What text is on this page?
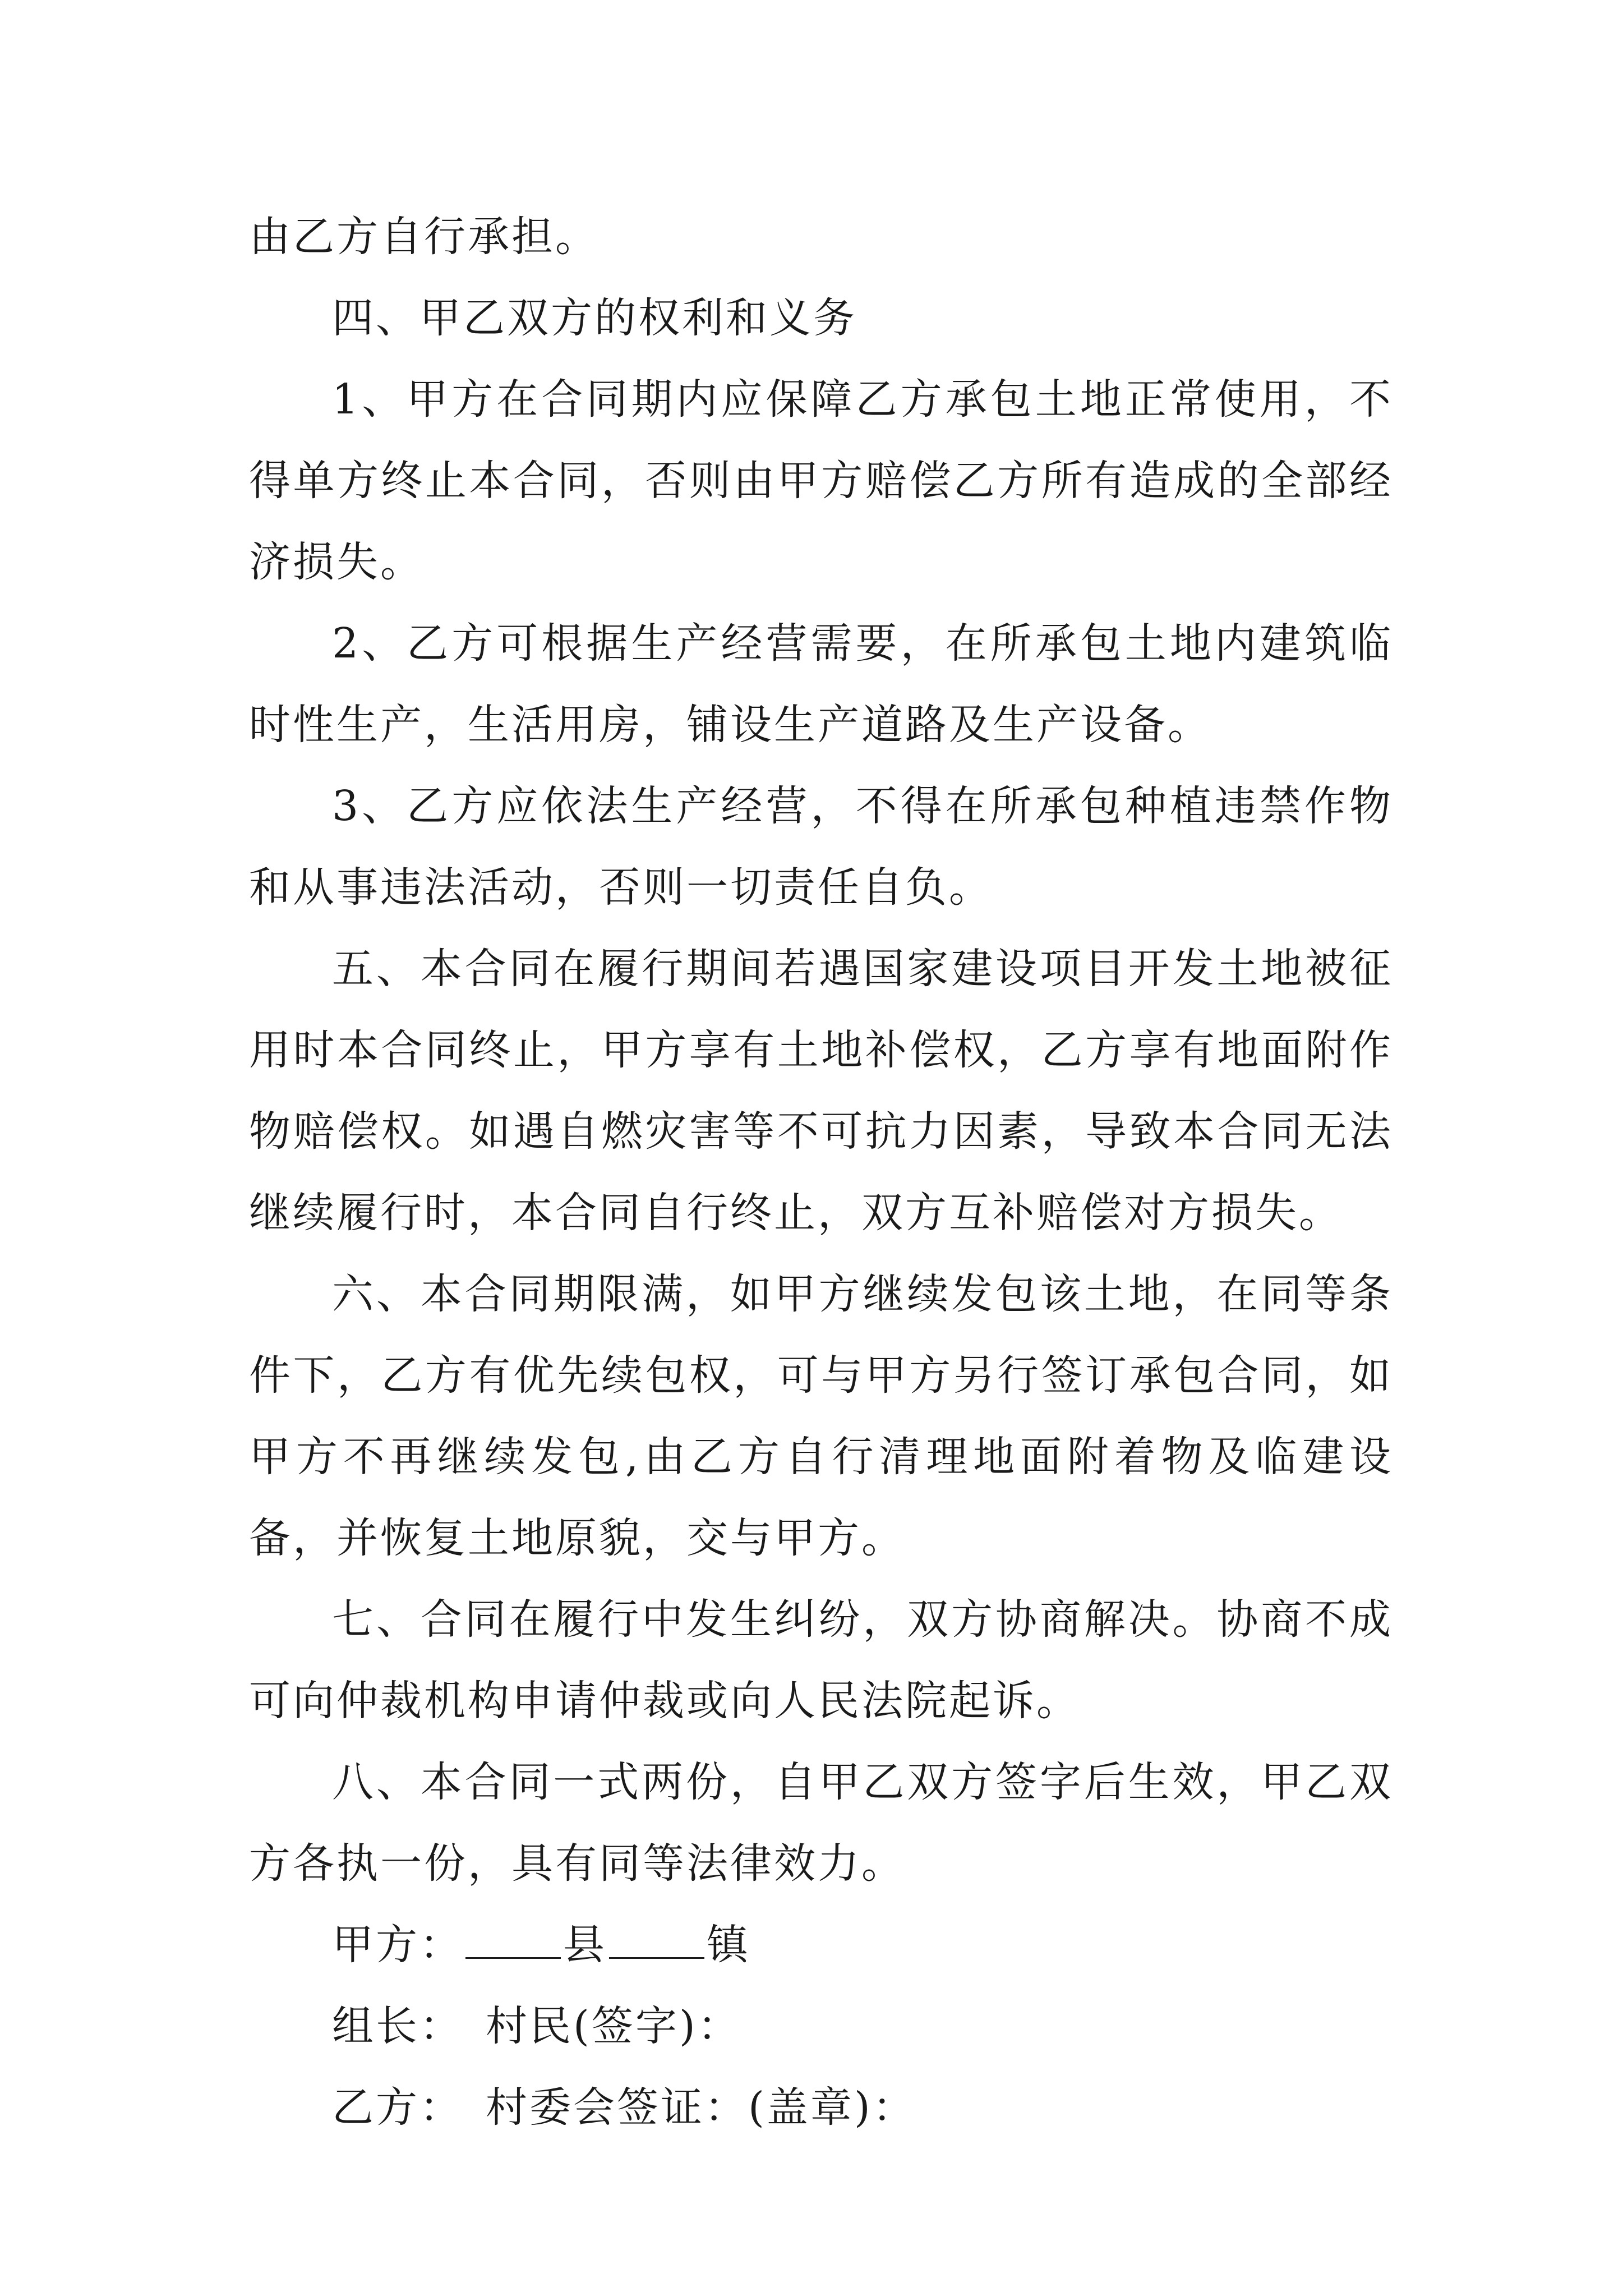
由乙方自行承担。

四、甲乙双方的权利和义务

1、甲方在合同期内应保障乙方承包土地正常使用，不得单方终止本合同，否则由甲方赔偿乙方所有造成的全部经济损失。

2、乙方可根据生产经营需要，在所承包土地内建筑临时性生产，生活用房，铺设生产道路及生产设备。

3、乙方应依法生产经营，不得在所承包种植违禁作物和从事违法活动，否则一切责任自负。

五、本合同在履行期间若遇国家建设项目开发土地被征用时本合同终止，甲方享有土地补偿权，乙方享有地面附作物赔偿权。如遇自燃灾害等不可抗力因素，导致本合同无法继续履行时，本合同自行终止，双方互补赔偿对方损失。

六、本合同期限满，如甲方继续发包该土地，在同等条件下，乙方有优先续包权，可与甲方另行签订承包合同，如甲方不再继续发包,由乙方自行清理地面附着物及临建设备，并恢复土地原貌，交与甲方。

七、合同在履行中发生纠纷，双方协商解决。协商不成可向仲裁机构申请仲裁或向人民法院起诉。

八、本合同一式两份，自甲乙双方签字后生效，甲乙双方各执一份，具有同等法律效力。

甲方： 县 镇

组长： 村民(签字)：

乙方： 村委会签证：(盖章)：
